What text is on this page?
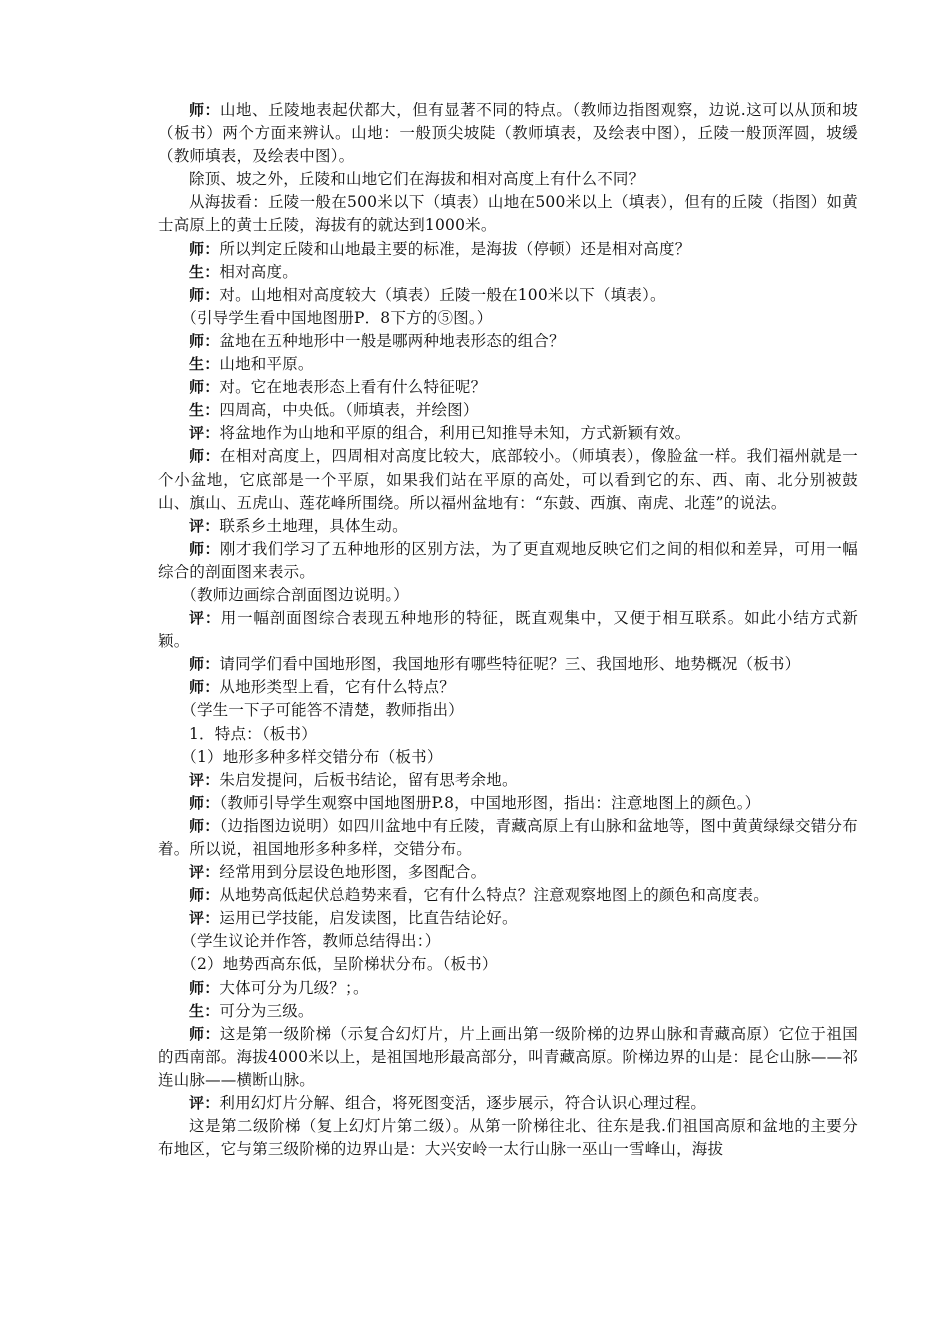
师：山地、丘陵地表起伏都大，但有显著不同的特点。（教师边指图观察，边说.这可以从顶和坡（板书）两个方面来辨认。山地：一般顶尖坡陡（教师填表，及绘表中图），丘陵一般顶浑圆，坡缓（教师填表，及绘表中图）。

除顶、坡之外，丘陵和山地它们在海拔和相对高度上有什么不同？

从海拔看：丘陵一般在500米以下（填表）山地在500米以上（填表），但有的丘陵（指图）如黄士高原上的黄士丘陵，海拔有的就达到1000米。

师：所以判定丘陵和山地最主要的标准，是海拔（停顿）还是相对高度？

生：相对高度。

师：对。山地相对高度较大（填表）丘陵一般在100米以下（填表）。

（引导学生看中国地图册P．8下方的⑤图。）

师：盆地在五种地形中一般是哪两种地表形态的组合？

生：山地和平原。

师：对。它在地表形态上看有什么特征呢？

生：四周高，中央低。（师填表，并绘图）

评：将盆地作为山地和平原的组合，利用已知推导未知，方式新颖有效。

师：在相对高度上，四周相对高度比较大，底部较小。（师填表），像脸盆一样。我们福州就是一个小盆地，它底部是一个平原，如果我们站在平原的高处，可以看到它的东、西、南、北分别被鼓山、旗山、五虎山、莲花峰所围绕。所以福州盆地有：“东鼓、西旗、南虎、北莲”的说法。

评：联系乡土地理，具体生动。

师：刚才我们学习了五种地形的区别方法，为了更直观地反映它们之间的相似和差异，可用一幅综合的剖面图来表示。

（教师边画综合剖面图边说明。）

评：用一幅剖面图综合表现五种地形的特征，既直观集中，又便于相互联系。如此小结方式新颖。

师：请同学们看中国地形图，我国地形有哪些特征呢？三、我国地形、地势概况（板书）

师：从地形类型上看，它有什么特点？

（学生一下子可能答不清楚，教师指出）

1．特点：（板书）

（1）地形多种多样交错分布（板书）

评：朱启发提问，后板书结论，留有思考余地。

师：（教师引导学生观察中国地图册P.8，中国地形图，指出：注意地图上的颜色。）

师：（边指图边说明）如四川盆地中有丘陵，青藏高原上有山脉和盆地等，图中黄黄绿绿交错分布着。所以说，祖国地形多种多样，交错分布。

评：经常用到分层设色地形图，多图配合。

师：从地势高低起伏总趋势来看，它有什么特点？注意观察地图上的颜色和高度表。

评：运用已学技能，启发读图，比直告结论好。

（学生议论并作答，教师总结得出：）

（2）地势西高东低，呈阶梯状分布。（板书）

师：大体可分为几级？；。

生：可分为三级。

师：这是第一级阶梯（示复合幻灯片，片上画出第一级阶梯的边界山脉和青藏高原）它位于祖国的西南部。海拔4000米以上，是祖国地形最高部分，叫青藏高原。阶梯边界的山是：昆仑山脉——祁连山脉——横断山脉。

评：利用幻灯片分解、组合，将死图变活，逐步展示，符合认识心理过程。

这是第二级阶梯（复上幻灯片第二级）。从第一阶梯往北、往东是我.们祖国高原和盆地的主要分布地区，它与第三级阶梯的边界山是：大兴安岭一太行山脉一巫山一雪峰山，海拔
